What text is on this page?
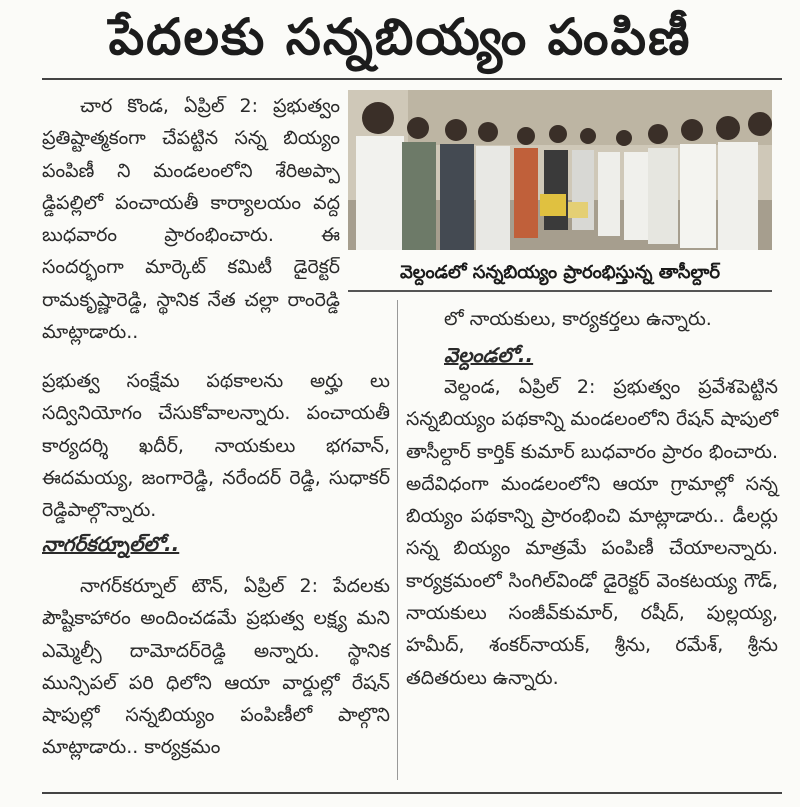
పేదలకు సన్నబియ్యం పంపిణీ

చార కొండ, ఏప్రిల్ 2: ప్రభుత్వం ప్రతిష్టాత్మకంగా చేపట్టిన సన్న బియ్యం పంపిణీ ని మండలంలోని శేరిఅప్పా డ్డిపల్లిలో పంచాయతీ కార్యాలయం వద్ద బుధవారం ప్రారంభించారు. ఈ సందర్భంగా మార్కెట్ కమిటీ డైరెక్టర్ రామకృష్ణారెడ్డి, స్థానిక నేత చల్లా రాంరెడ్డి మాట్లాడారు..

వెల్దండలో సన్నబియ్యం ప్రారంభిస్తున్న తాసీల్దార్

ప్రభుత్వ సంక్షేమ పథకాలను అర్హు లు సద్వినియోగం చేసుకోవాలన్నారు. పంచాయతీ కార్యదర్శి ఖదీర్, నాయకులు భగవాన్, ఈదమయ్య, జంగారెడ్డి, నరేందర్ రెడ్డి, సుధాకర్ రెడ్డిపాల్గొన్నారు.

నాగర్‌కర్నూల్‌లో..

నాగర్‌కర్నూల్ టౌన్, ఏప్రిల్ 2: పేదలకు పౌష్టికాహారం అందించడమే ప్రభుత్వ లక్ష్య మని ఎమ్మెల్సీ దామోదర్‌రెడ్డి అన్నారు. స్థానిక మున్సిపల్ పరి ధిలోని ఆయా వార్డుల్లో రేషన్ షాపుల్లో సన్నబియ్యం పంపిణీలో పాల్గొని మాట్లాడారు.. కార్యక్రమం

లో నాయకులు, కార్యకర్తలు ఉన్నారు.

వెల్దండలో..

వెల్దండ, ఏప్రిల్ 2: ప్రభుత్వం ప్రవేశపెట్టిన సన్నబియ్యం పథకాన్ని మండలంలోని రేషన్ షాపులో తాసీల్దార్ కార్తిక్ కుమార్ బుధవారం ప్రారం భించారు. అదేవిధంగా మండలంలోని ఆయా గ్రామాల్లో సన్న బియ్యం పథకాన్ని ప్రారంభించి మాట్లాడారు.. డీలర్లు సన్న బియ్యం మాత్రమే పంపిణీ చేయాలన్నారు. కార్యక్రమంలో సింగిల్‌విండో డైరెక్టర్ వెంకటయ్య గౌడ్, నాయకులు సంజీవ్‌కుమార్, రషీద్, పుల్లయ్య, హమీద్, శంకర్‌నాయక్, శ్రీను, రమేశ్, శ్రీను తదితరులు ఉన్నారు.
